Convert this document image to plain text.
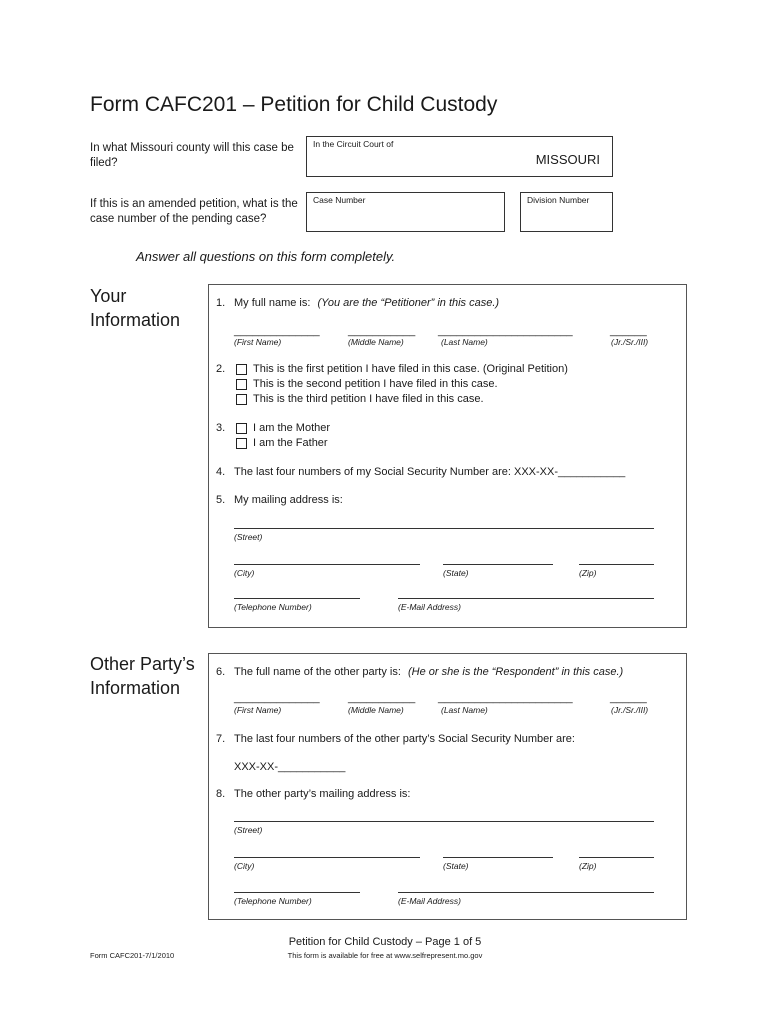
Form CAFC201 – Petition for Child Custody
In what Missouri county will this case be filed?
In the Circuit Court of
MISSOURI
If this is an amended petition, what is the case number of the pending case?
Case Number	Division Number
Answer all questions on this form completely.
Your Information
1. My full name is: (You are the “Petitioner” in this case.)
______________	___________ ______________________	______
(First Name)	(Middle Name)	(Last Name)	(Jr./Sr./III)
2.	This is the first petition I have filed in this case. (Original Petition)
This is the second petition I have filed in this case.
This is the third petition I have filed in this case.
3.	I am the Mother
I am the Father
4. The last four numbers of my Social Security Number are: XXX-XX-___________
5. My mailing address is:
(Street)
(City)	(State)	(Zip)
(Telephone Number)	(E-Mail Address)
Other Party’s Information
6. The full name of the other party is: (He or she is the “Respondent” in this case.)
______________	___________ ______________________	______
(First Name)	(Middle Name)	(Last Name)	(Jr./Sr./III)
7. The last four numbers of the other party’s Social Security Number are:
XXX-XX-___________
8. The other party’s mailing address is:
(Street)
(City)	(State)	(Zip)
(Telephone Number)	(E-Mail Address)
Petition for Child Custody – Page 1 of 5
Form CAFC201-7/1/2010	This form is available for free at www.selfrepresent.mo.gov
